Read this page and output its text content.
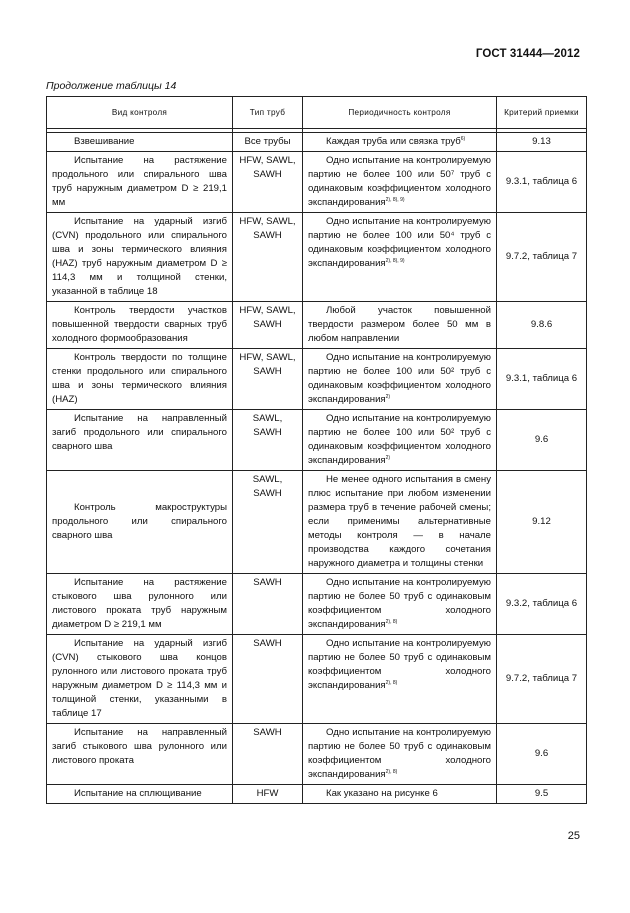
ГОСТ 31444—2012
Продолжение таблицы 14
Вид контроля	Тип труб	Периодичность контроля	Критерий приемки

Взвешивание	Все трубы	Каждая труба или связка труб$^{6)}$	9.13
Испытание на растяжение продольного или спирального шва труб наружным диаметром D ≥ 219,1 мм	HFW, SAWL, SAWH	Одно испытание на контролируемую партию не более 100 или 50⁷ труб с одинаковым коэффициентом холодного экспандирования$^{2), 8), 9)}$	9.3.1, таблица 6
Испытание на ударный изгиб (CVN) продольного или спирального шва и зоны термического влияния (HAZ) труб наружным диаметром D ≥ 114,3 мм и толщиной стенки, указанной в таблице 18	HFW, SAWL, SAWH	Одно испытание на контролируемую партию не более 100 или 50⁴ труб с одинаковым коэффициентом холодного экспандирования$^{2), 8), 9)}$	9.7.2, таблица 7
Контроль твердости участков повышенной твердости сварных труб холодного формообразования	HFW, SAWL, SAWH	Любой участок повышенной твердости размером более 50 мм в любом направлении	9.8.6
Контроль твердости по толщине стенки продольного или спирального шва и зоны термического влияния (HAZ)	HFW, SAWL, SAWH	Одно испытание на контролируемую партию не более 100 или 50² труб с одинаковым коэффициентом холодного экспандирования$^{2)}$	9.3.1, таблица 6
Испытание на направленный загиб продольного или спирального сварного шва	SAWL, SAWH	Одно испытание на контролируемую партию не более 100 или 50² труб с одинаковым коэффициентом холодного экспандирования$^{2)}$	9.6
Контроль макроструктуры продольного или спирального сварного шва	SAWL, SAWH	Не менее одного испытания в смену плюс испытание при любом изменении размера труб в течение рабочей смены; если применимы альтернативные методы контроля — в начале производства каждого сочетания наружного диаметра и толщины стенки	9.12
Испытание на растяжение стыкового шва рулонного или листового проката труб наружным диаметром D ≥ 219,1 мм	SAWH	Одно испытание на контролируемую партию не более 50 труб с одинаковым коэффициентом холодного экспандирования$^{2), 8)}$	9.3.2, таблица 6
Испытание на ударный изгиб (CVN) стыкового шва концов рулонного или листового проката труб наружным диаметром D ≥ 114,3 мм и толщиной стенки, указанными в таблице 17	SAWH	Одно испытание на контролируемую партию не более 50 труб с одинаковым коэффициентом холодного экспандирования$^{2), 8)}$	9.7.2, таблица 7
Испытание на направленный загиб стыкового шва рулонного или листового проката	SAWH	Одно испытание на контролируемую партию не более 50 труб с одинаковым коэффициентом холодного экспандирования$^{2), 8)}$	9.6
Испытание на сплющивание	HFW	Как указано на рисунке 6	9.5
25
